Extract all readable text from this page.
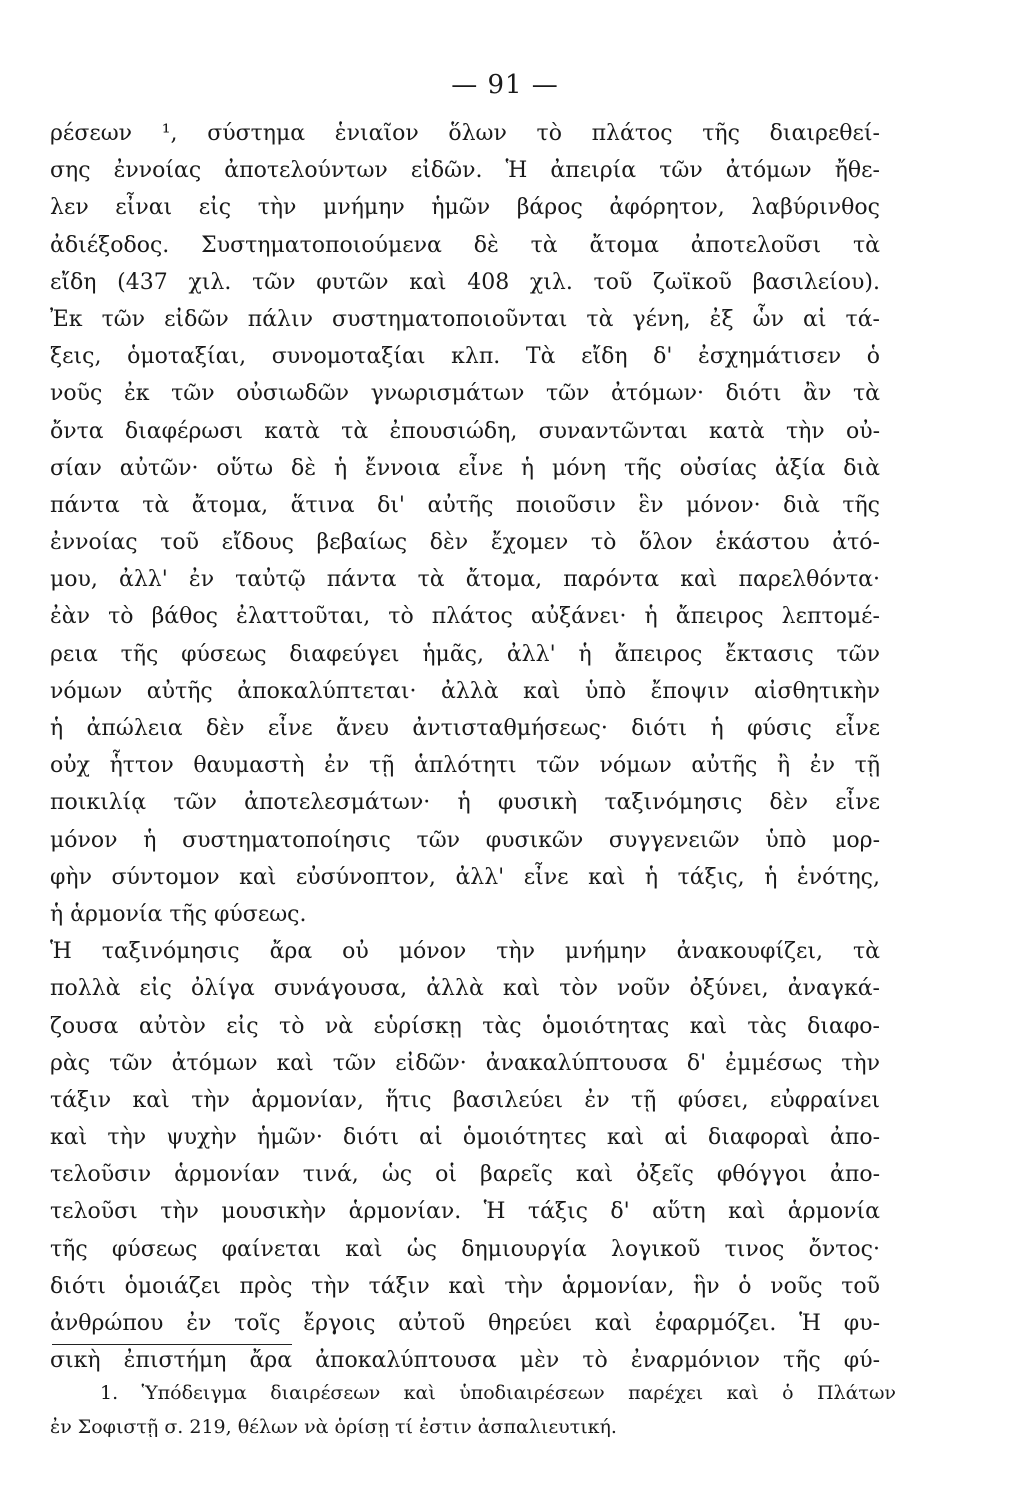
— 91 —
ρέσεων ¹, σύστημα ἑνιαῖον ὅλων τὸ πλάτος τῆς διαιρεθεί-
σης ἐννοίας ἀποτελούντων εἰδῶν. Ἡ ἀπειρία τῶν ἀτόμων ἤθε-
λεν εἶναι εἰς τὴν μνήμην ἡμῶν βάρος ἀφόρητον, λαβύρινθος
ἀδιέξοδος. Συστηματοποιούμενα δὲ τὰ ἄτομα ἀποτελοῦσι τὰ
εἴδη (437 χιλ. τῶν φυτῶν καὶ 408 χιλ. τοῦ ζωϊκοῦ βασιλείου).
Ἐκ τῶν εἰδῶν πάλιν συστηματοποιοῦνται τὰ γένη, ἐξ ὧν αἱ τά-
ξεις, ὁμοταξίαι, συνομοταξίαι κλπ. Τὰ εἴδη δ' ἐσχημάτισεν ὁ
νοῦς ἐκ τῶν οὐσιωδῶν γνωρισμάτων τῶν ἀτόμων· διότι ἂν τὰ
ὄντα διαφέρωσι κατὰ τὰ ἐπουσιώδη, συναντῶνται κατὰ τὴν οὐ-
σίαν αὐτῶν· οὕτω δὲ ἡ ἔννοια εἶνε ἡ μόνη τῆς οὐσίας ἀξία διὰ
πάντα τὰ ἄτομα, ἅτινα δι' αὐτῆς ποιοῦσιν ἓν μόνον· διὰ τῆς
ἐννοίας τοῦ εἴδους βεβαίως δὲν ἔχομεν τὸ ὅλον ἑκάστου ἀτό-
μου, ἀλλ' ἐν ταὐτῷ πάντα τὰ ἄτομα, παρόντα καὶ παρελθόντα·
ἐὰν τὸ βάθος ἐλαττοῦται, τὸ πλάτος αὐξάνει· ἡ ἄπειρος λεπτομέ-
ρεια τῆς φύσεως διαφεύγει ἡμᾶς, ἀλλ' ἡ ἄπειρος ἔκτασις τῶν
νόμων αὐτῆς ἀποκαλύπτεται· ἀλλὰ καὶ ὑπὸ ἔποψιν αἰσθητικὴν
ἡ ἀπώλεια δὲν εἶνε ἄνευ ἀντισταθμήσεως· διότι ἡ φύσις εἶνε
οὐχ ἧττον θαυμαστὴ ἐν τῇ ἁπλότητι τῶν νόμων αὐτῆς ἢ ἐν τῇ
ποικιλίᾳ τῶν ἀποτελεσμάτων· ἡ φυσικὴ ταξινόμησις δὲν εἶνε
μόνον ἡ συστηματοποίησις τῶν φυσικῶν συγγενειῶν ὑπὸ μορ-
φὴν σύντομον καὶ εὐσύνοπτον, ἀλλ' εἶνε καὶ ἡ τάξις, ἡ ἑνότης,
ἡ ἁρμονία τῆς φύσεως.
Ἡ ταξινόμησις ἄρα οὐ μόνον τὴν μνήμην ἀνακουφίζει, τὰ
πολλὰ εἰς ὀλίγα συνάγουσα, ἀλλὰ καὶ τὸν νοῦν ὀξύνει, ἀναγκά-
ζουσα αὐτὸν εἰς τὸ νὰ εὑρίσκῃ τὰς ὁμοιότητας καὶ τὰς διαφο-
ρὰς τῶν ἀτόμων καὶ τῶν εἰδῶν· ἀνακαλύπτουσα δ' ἐμμέσως τὴν
τάξιν καὶ τὴν ἁρμονίαν, ἥτις βασιλεύει ἐν τῇ φύσει, εὐφραίνει
καὶ τὴν ψυχὴν ἡμῶν· διότι αἱ ὁμοιότητες καὶ αἱ διαφοραὶ ἀπο-
τελοῦσιν ἁρμονίαν τινά, ὡς οἱ βαρεῖς καὶ ὀξεῖς φθόγγοι ἀπο-
τελοῦσι τὴν μουσικὴν ἁρμονίαν. Ἡ τάξις δ' αὕτη καὶ ἁρμονία
τῆς φύσεως φαίνεται καὶ ὡς δημιουργία λογικοῦ τινος ὄντος·
διότι ὁμοιάζει πρὸς τὴν τάξιν καὶ τὴν ἁρμονίαν, ἣν ὁ νοῦς τοῦ
ἀνθρώπου ἐν τοῖς ἔργοις αὐτοῦ θηρεύει καὶ ἐφαρμόζει. Ἡ φυ-
σικὴ ἐπιστήμη ἄρα ἀποκαλύπτουσα μὲν τὸ ἐναρμόνιον τῆς φύ-
1. Ὑπόδειγμα διαιρέσεων καὶ ὑποδιαιρέσεων παρέχει καὶ ὁ Πλάτων
ἐν Σοφιστῇ σ. 219, θέλων νὰ ὁρίσῃ τί ἐστιν ἀσπαλιευτική.
